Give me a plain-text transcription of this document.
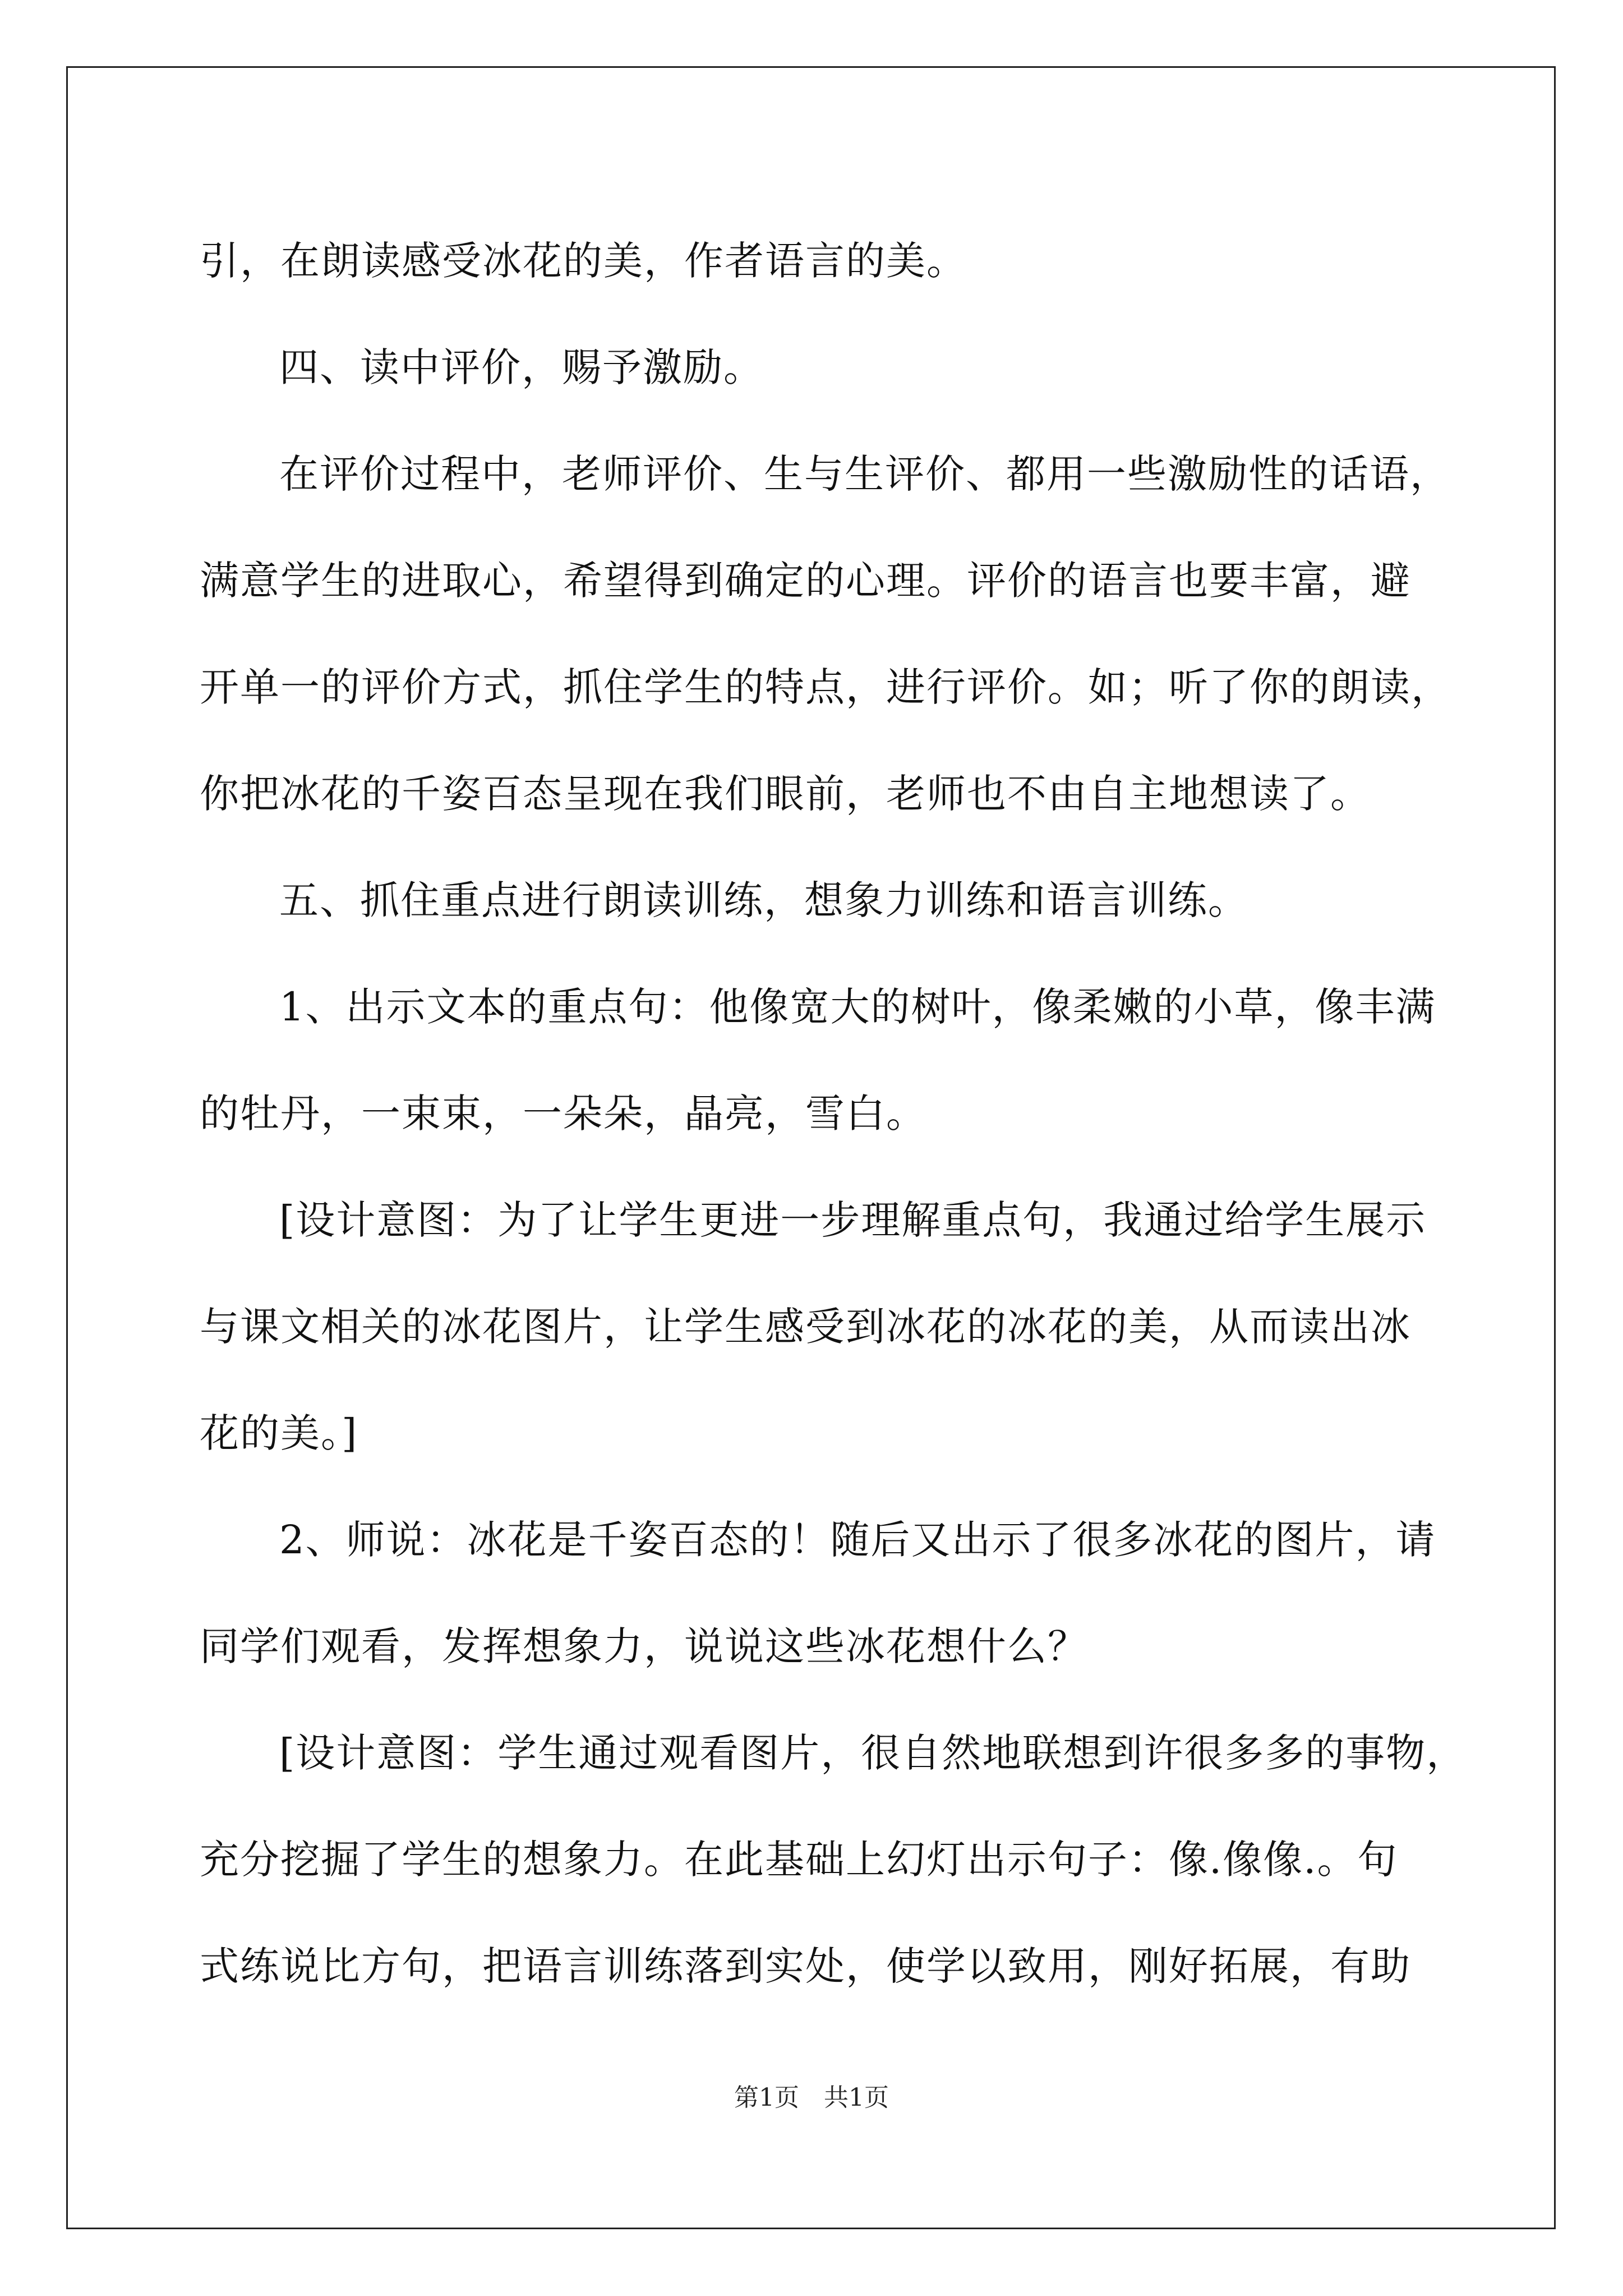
引，在朗读感受冰花的美，作者语言的美。
四、读中评价，赐予激励。
在评价过程中，老师评价、生与生评价、都用一些激励性的话语，
满意学生的进取心，希望得到确定的心理。评价的语言也要丰富，避
开单一的评价方式，抓住学生的特点，进行评价。如；听了你的朗读，
你把冰花的千姿百态呈现在我们眼前，老师也不由自主地想读了。
五、抓住重点进行朗读训练，想象力训练和语言训练。
1、出示文本的重点句：他像宽大的树叶，像柔嫩的小草，像丰满
的牡丹，一束束，一朵朵，晶亮，雪白。
[设计意图：为了让学生更进一步理解重点句，我通过给学生展示
与课文相关的冰花图片，让学生感受到冰花的冰花的美，从而读出冰
花的美。]
2、师说：冰花是千姿百态的！随后又出示了很多冰花的图片，请
同学们观看，发挥想象力，说说这些冰花想什么？
[设计意图：学生通过观看图片，很自然地联想到许很多多的事物，
充分挖掘了学生的想象力。在此基础上幻灯出示句子：像.像像.。句
式练说比方句，把语言训练落到实处，使学以致用，刚好拓展，有助
第1页　共1页
